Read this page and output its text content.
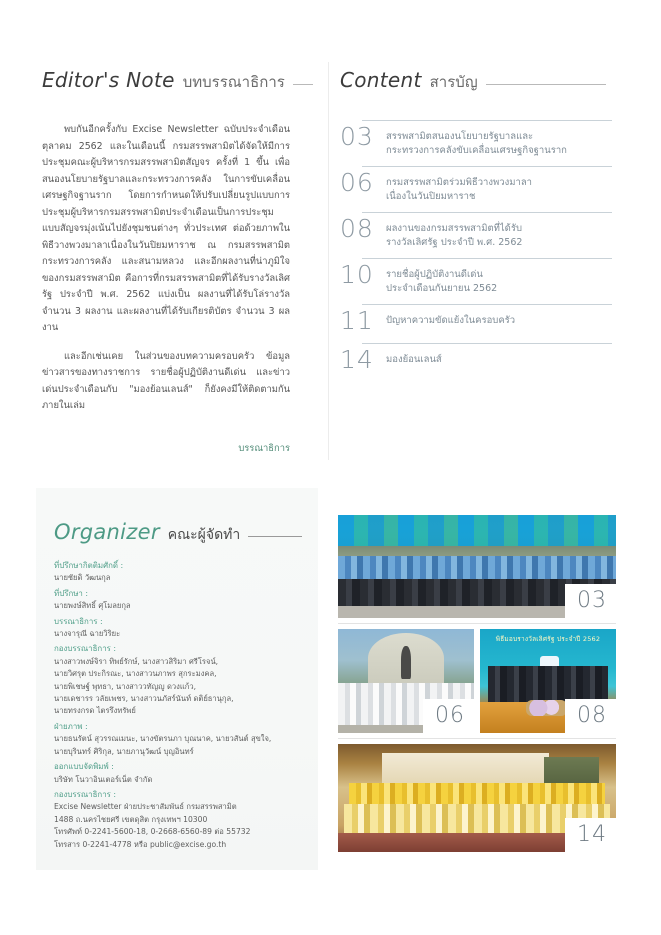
Editor's Note บทบรรณาธิการ

พบกันอีกครั้งกับ Excise Newsletter ฉบับประจำเดือนตุลาคม 2562 และในเดือนนี้ กรมสรรพสามิตได้จัดให้มีการประชุมคณะผู้บริหารกรมสรรพสามิตสัญจร ครั้งที่ 1 ขึ้น เพื่อสนองนโยบายรัฐบาลและกระทรวงการคลัง ในการขับเคลื่อนเศรษฐกิจฐานราก โดยการกำหนดให้ปรับเปลี่ยนรูปแบบการประชุมผู้บริหารกรมสรรพสามิตประจำเดือนเป็นการประชุมแบบสัญจรมุ่งเน้นไปยังชุมชนต่างๆ ทั่วประเทศ ต่อด้วยภาพในพิธีวางพวงมาลาเนื่องในวันปิยมหาราช ณ กรมสรรพสามิต กระทรวงการคลัง และสนามหลวง และอีกผลงานที่น่าภูมิใจของกรมสรรพสามิต คือการที่กรมสรรพสามิตที่ได้รับรางวัลเลิศรัฐ ประจำปี พ.ศ. 2562 แบ่งเป็น ผลงานที่ได้รับโล่รางวัล จำนวน 3 ผลงาน และผลงานที่ได้รับเกียรติบัตร จำนวน 3 ผลงาน

และอีกเช่นเคย ในส่วนของบทความครอบครัว ข้อมูลข่าวสารของทางราชการ รายชื่อผู้ปฏิบัติงานดีเด่น และข่าวเด่นประจำเดือนกับ "มองย้อนเลนส์" ก็ยังคงมีให้ติดตามกันภายในเล่ม

บรรณาธิการ
Content สารบัญ
03	สรรพสามิตสนองนโยบายรัฐบาลและ
กระทรวงการคลังขับเคลื่อนเศรษฐกิจฐานราก
06	กรมสรรพสามิตร่วมพิธีวางพวงมาลา
เนื่องในวันปิยมหาราช
08	ผลงานของกรมสรรพสามิตที่ได้รับ
รางวัลเลิศรัฐ ประจำปี พ.ศ. 2562
10	รายชื่อผู้ปฏิบัติงานดีเด่น
ประจำเดือนกันยายน 2562
11	ปัญหาความขัดแย้งในครอบครัว
14	มองย้อนเลนส์
Organizer คณะผู้จัดทำ
ที่ปรึกษากิตติมศักดิ์ :
นายชัยดิ วัฒนกุล
ที่ปรึกษา :
นายพงษ์สิทธิ์ ศุโมลยกุล
บรรณาธิการ :
นางจารุณี ฉายวิริยะ
กองบรรณาธิการ :
นางสาวพงษ์จิรา ทิพย์รักษ์, นางสาวสิริมา ศรีโรจน์,
นายวิศรุต ประกิรณะ, นางสาวนภาพร สุกระมงคล,
นายพิเชษฐ์ พุทธา, นางสาววทัญญู ดวงแก้ว,
นายเดชารร วลัยเพชร, นางสาวนภัสร์นันท์ ดติย์ธานุกุล,
นายทรงกรด ไตรรึงทรัพย์
ฝ่ายภาพ :
นายธนรัตน์ สุวรรณเมนะ, นางขัตรนภา บุณนาค, นายวสันต์ สุขใจ,
นายบุรินทร์ ศิริกุล, นายภานุวัฒน์ บุญอินทร์
ออกแบบจัดพิมพ์ :
บริษัท โนวาอินเตอร์เน็ต จำกัด
กองบรรณาธิการ :
Excise Newsletter ฝ่ายประชาสัมพันธ์ กรมสรรพสามิต
1488 ถ.นครไชยศรี เขตดุสิต กรุงเทพฯ 10300
โทรศัพท์ 0-2241-5600-18, 0-2668-6560-89 ต่อ 55732
โทรสาร 0-2241-4778 หรือ public@excise.go.th
03
06
พิธีมอบรางวัลเลิศรัฐ ประจำปี 2562
08
14
